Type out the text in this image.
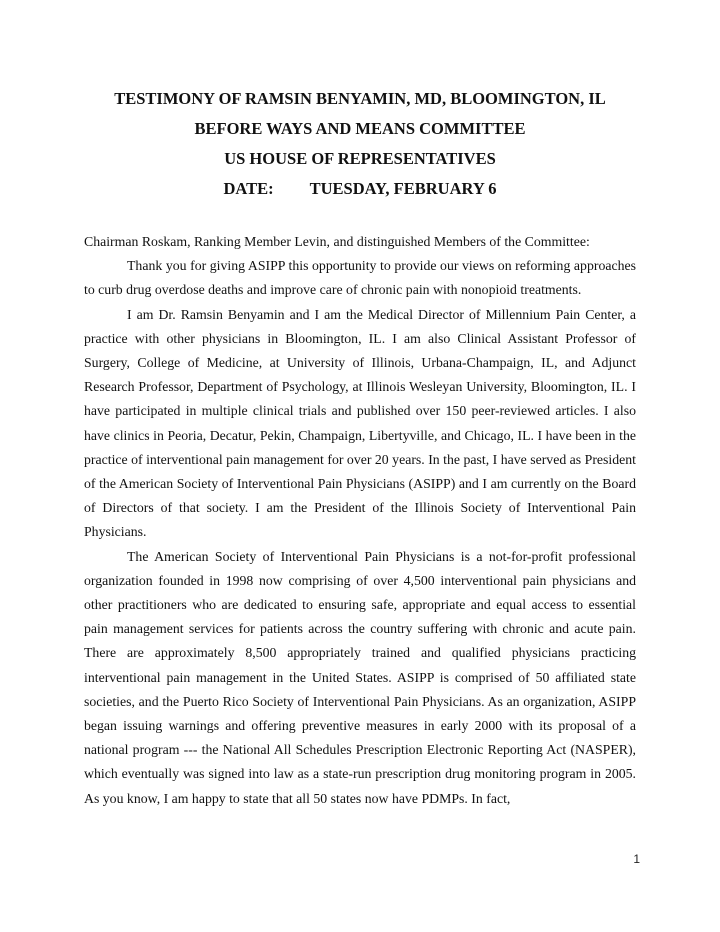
TESTIMONY OF RAMSIN BENYAMIN, MD, BLOOMINGTON, IL
BEFORE WAYS AND MEANS COMMITTEE
US HOUSE OF REPRESENTATIVES
DATE: TUESDAY, FEBRUARY 6

Chairman Roskam, Ranking Member Levin, and distinguished Members of the Committee:

Thank you for giving ASIPP this opportunity to provide our views on reforming approaches to curb drug overdose deaths and improve care of chronic pain with nonopioid treatments.

I am Dr. Ramsin Benyamin and I am the Medical Director of Millennium Pain Center, a practice with other physicians in Bloomington, IL. I am also Clinical Assistant Professor of Surgery, College of Medicine, at University of Illinois, Urbana-Champaign, IL, and Adjunct Research Professor, Department of Psychology, at Illinois Wesleyan University, Bloomington, IL. I have participated in multiple clinical trials and published over 150 peer-reviewed articles. I also have clinics in Peoria, Decatur, Pekin, Champaign, Libertyville, and Chicago, IL. I have been in the practice of interventional pain management for over 20 years. In the past, I have served as President of the American Society of Interventional Pain Physicians (ASIPP) and I am currently on the Board of Directors of that society. I am the President of the Illinois Society of Interventional Pain Physicians.

The American Society of Interventional Pain Physicians is a not-for-profit professional organization founded in 1998 now comprising of over 4,500 interventional pain physicians and other practitioners who are dedicated to ensuring safe, appropriate and equal access to essential pain management services for patients across the country suffering with chronic and acute pain. There are approximately 8,500 appropriately trained and qualified physicians practicing interventional pain management in the United States. ASIPP is comprised of 50 affiliated state societies, and the Puerto Rico Society of Interventional Pain Physicians. As an organization, ASIPP began issuing warnings and offering preventive measures in early 2000 with its proposal of a national program --- the National All Schedules Prescription Electronic Reporting Act (NASPER), which eventually was signed into law as a state-run prescription drug monitoring program in 2005. As you know, I am happy to state that all 50 states now have PDMPs. In fact,

1
